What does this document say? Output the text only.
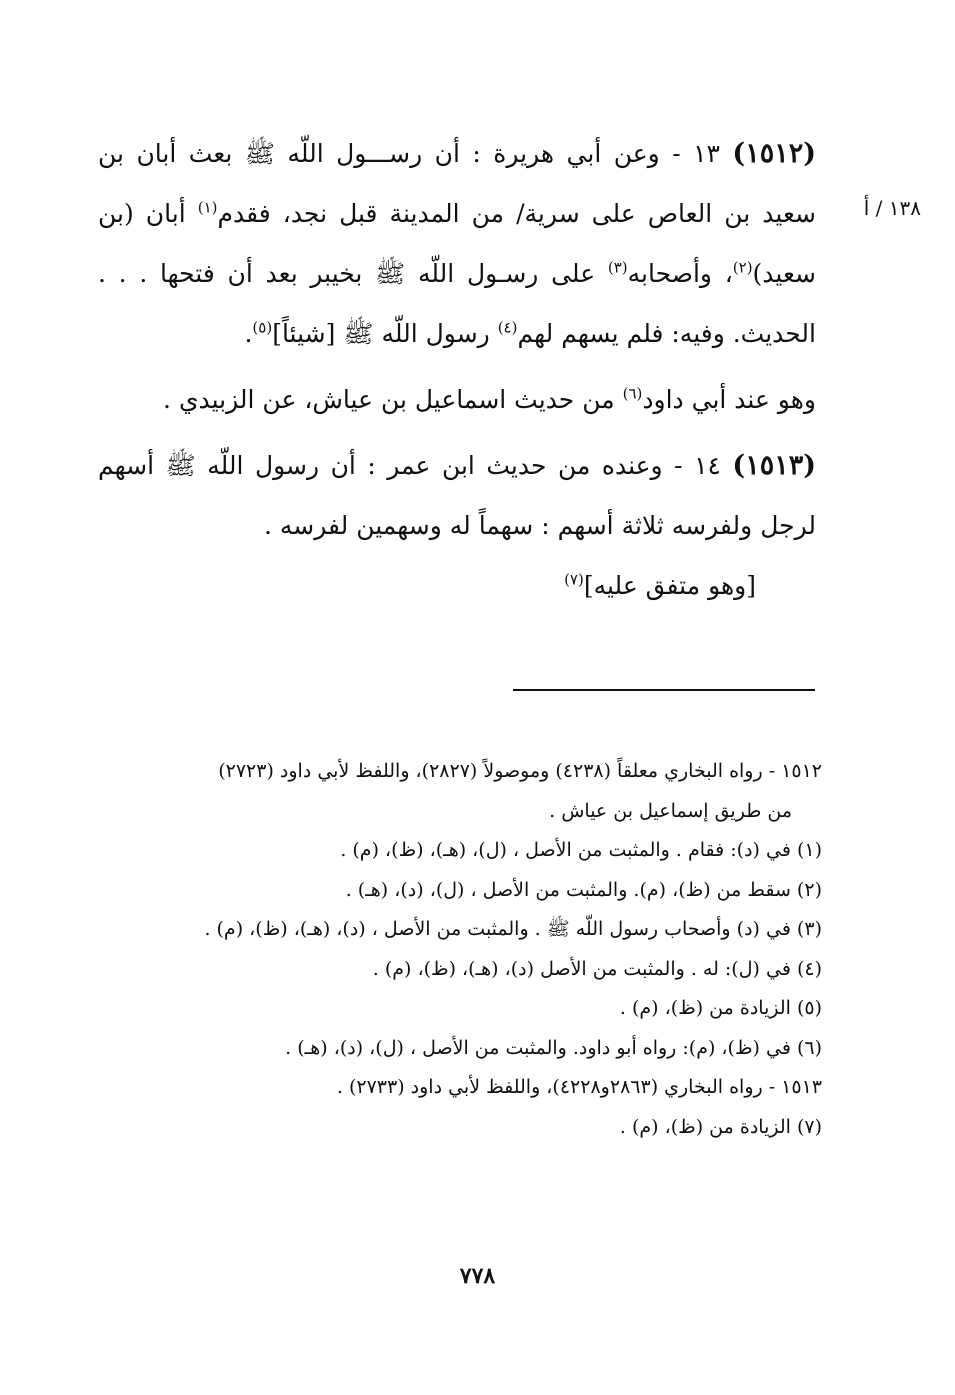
١٣٨ / أ

(١٥١٢) ١٣ - وعن أبي هريرة : أن رســـول اللّه ﷺ بعث أبان بن سعيد بن العاص على سرية/ من المدينة قبل نجد، فقدم$^{(١)}$ أبان (بن سعيد)$^{(٢)}$، وأصحابه$^{(٣)}$ على رسـول اللّه ﷺ بخيبر بعد أن فتحها . . . الحديث. وفيه: فلم يسهم لهم$^{(٤)}$ رسول اللّه ﷺ [شيئاً]$^{(٥)}$.

وهو عند أبي داود$^{(٦)}$ من حديث اسماعيل بن عياش، عن الزبيدي .

(١٥١٣) ١٤ - وعنده من حديث ابن عمر : أن رسول اللّه ﷺ أسهم لرجل ولفرسه ثلاثة أسهم : سهماً له وسهمين لفرسه .

[وهو متفق عليه]$^{(٧)}$

١٥١٢ - رواه البخاري معلقاً (٤٢٣٨) وموصولاً (٢٨٢٧)، واللفظ لأبي داود (٢٧٢٣)
من طريق إسماعيل بن عياش .
(١) في (د): فقام . والمثبت من الأصل ، (ل)، (هـ)، (ظ)، (م) .
(٢) سقط من (ظ)، (م). والمثبت من الأصل ، (ل)، (د)، (هـ) .
(٣) في (د) وأصحاب رسول اللّه ﷺ . والمثبت من الأصل ، (د)، (هـ)، (ظ)، (م) .
(٤) في (ل): له . والمثبت من الأصل (د)، (هـ)، (ظ)، (م) .
(٥) الزيادة من (ظ)، (م) .
(٦) في (ظ)، (م): رواه أبو داود. والمثبت من الأصل ، (ل)، (د)، (هـ) .
١٥١٣ - رواه البخاري (٢٨٦٣و٤٢٢٨)، واللفظ لأبي داود (٢٧٣٣) .
(٧) الزيادة من (ظ)، (م) .
٧٧٨
